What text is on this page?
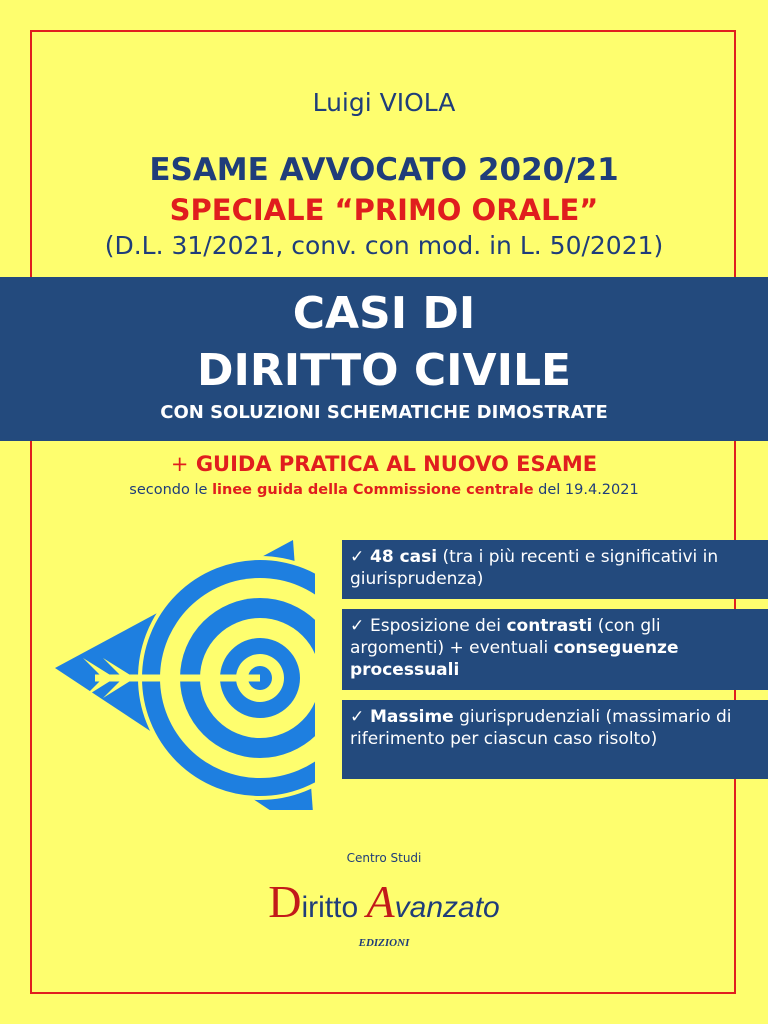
Luigi VIOLA
ESAME AVVOCATO 2020/21
SPECIALE “PRIMO ORALE”
(D.L. 31/2021, conv. con mod. in L. 50/2021)
CASI DI
DIRITTO CIVILE
CON SOLUZIONI SCHEMATICHE DIMOSTRATE
+ GUIDA PRATICA AL NUOVO ESAME
secondo le linee guida della Commissione centrale del 19.4.2021
✓ 48 casi (tra i più recenti e significativi in giurisprudenza)
✓ Esposizione dei contrasti (con gli argomenti) + eventuali conseguenze processuali
✓ Massime giurisprudenziali (massimario di riferimento per ciascun caso risolto)
Centro Studi
Diritto Avanzato
EDIZIONI
